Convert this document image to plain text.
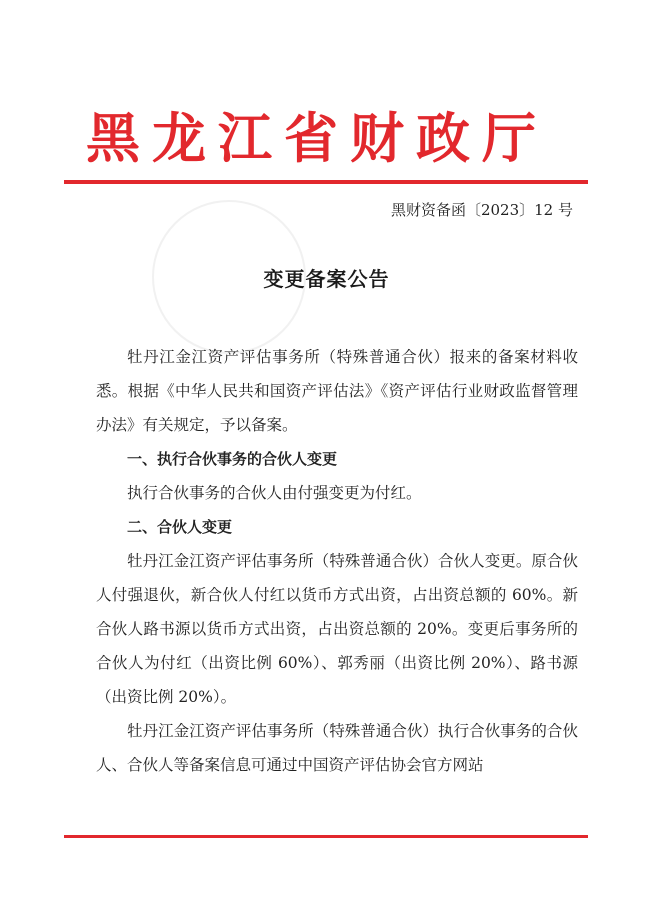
黑龙江省财政厅
黑财资备函〔2023〕12 号
变更备案公告

牡丹江金江资产评估事务所（特殊普通合伙）报来的备案材料收悉。根据《中华人民共和国资产评估法》《资产评估行业财政监督管理办法》有关规定，予以备案。

一、执行合伙事务的合伙人变更

执行合伙事务的合伙人由付强变更为付红。

二、合伙人变更

牡丹江金江资产评估事务所（特殊普通合伙）合伙人变更。原合伙人付强退伙，新合伙人付红以货币方式出资，占出资总额的 60%。新合伙人路书源以货币方式出资，占出资总额的 20%。变更后事务所的合伙人为付红（出资比例 60%）、郭秀丽（出资比例 20%）、路书源（出资比例 20%）。

牡丹江金江资产评估事务所（特殊普通合伙）执行合伙事务的合伙人、合伙人等备案信息可通过中国资产评估协会官方网站
